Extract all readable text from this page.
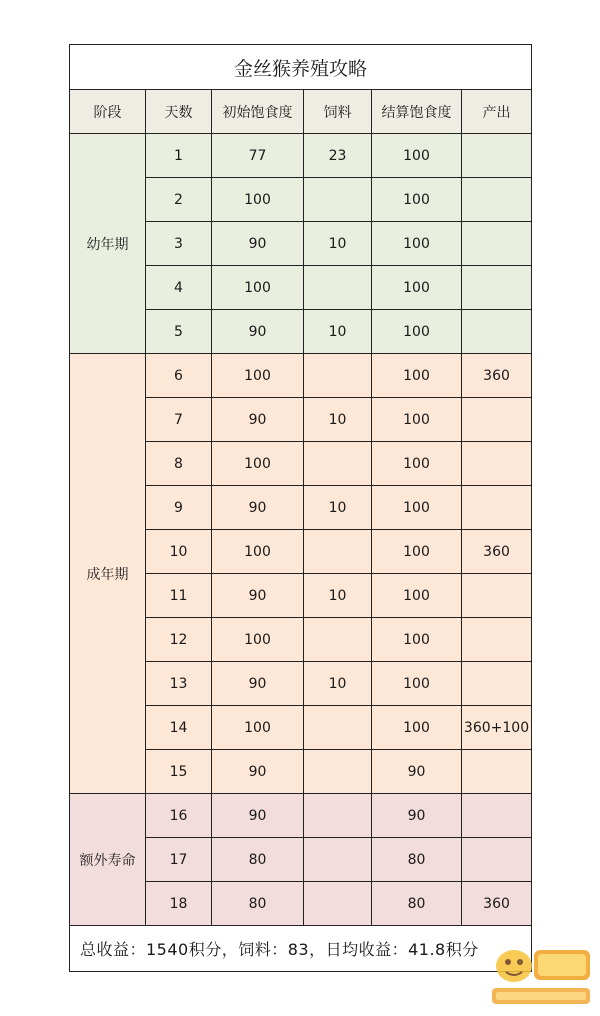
金丝猴养殖攻略					
阶段	天数	初始饱食度	饲料	结算饱食度	产出
幼年期	1	77	23	100	
	2	100		100	
	3	90	10	100	
	4	100		100	
	5	90	10	100	
成年期	6	100		100	360
	7	90	10	100	
	8	100		100	
	9	90	10	100	
	10	100		100	360
	11	90	10	100	
	12	100		100	
	13	90	10	100	
	14	100		100	360+100
	15	90		90	
额外寿命	16	90		90	
	17	80		80	
	18	80		80	360
总收益：1540积分，饲料：83，日均收益：41.8积分					
